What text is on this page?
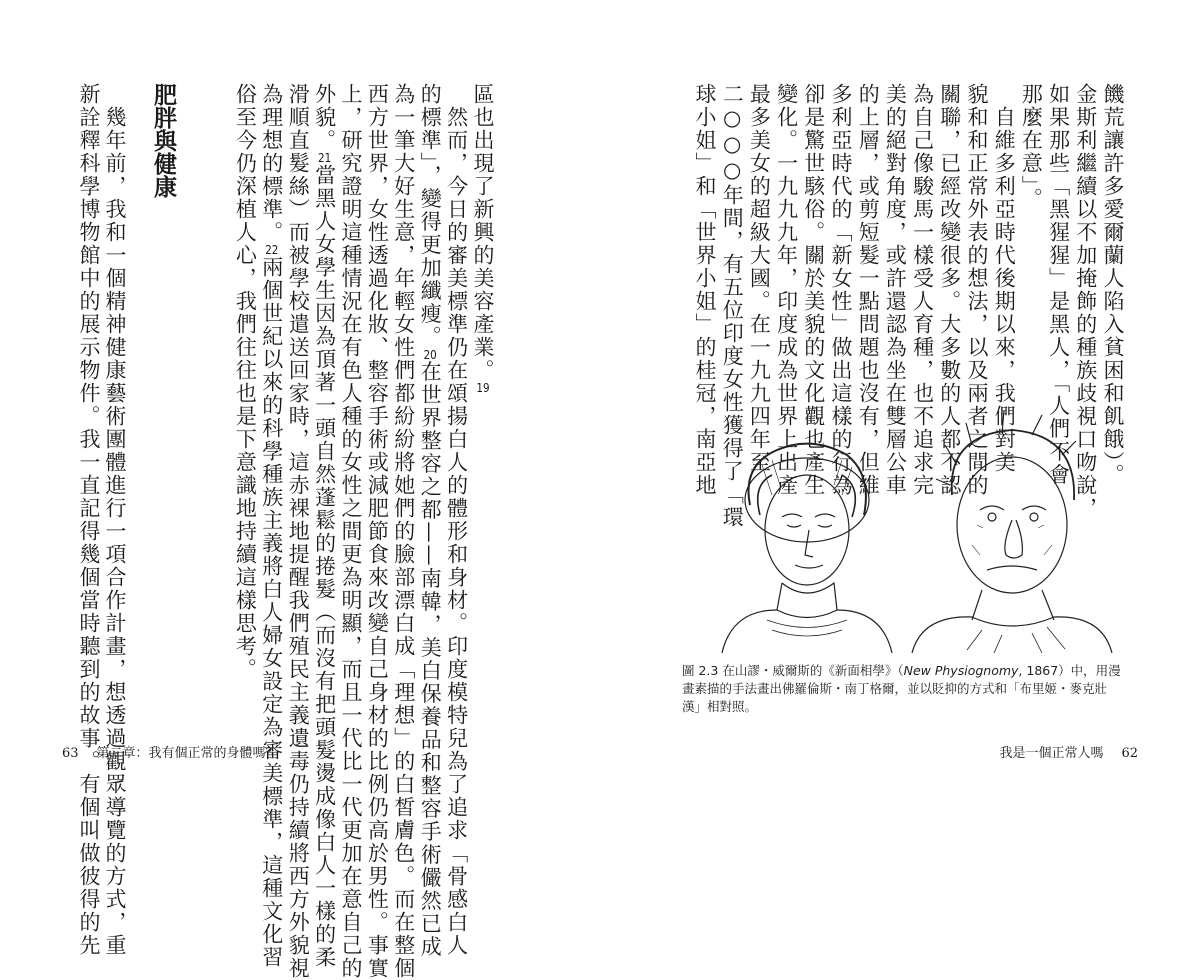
區也出現了新興的美容產業。19
　然而，今日的審美標準仍在頌揚白人的體形和身材。印度模特兒為了追求「骨感白人
的標準」，變得更加纖瘦。20在世界整容之都——南韓，美白保養品和整容手術儼然已成
為一筆大好生意，年輕女性們都紛紛將她們的臉部漂白成「理想」的白皙膚色。而在整個
西方世界，女性透過化妝、整容手術或減肥節食來改變自己身材的比例仍高於男性。事實
上，研究證明這種情況在有色人種的女性之間更為明顯，而且一代比一代更加在意自己的
外貌。21當黑人女學生因為頂著一頭自然蓬鬆的捲髮（而沒有把頭髮燙成像白人一樣的柔
滑順直髮絲）而被學校遣送回家時，這赤裸地提醒我們殖民主義遺毒仍持續將西方外貌視
為理想的標準。22兩個世紀以來的科學種族主義將白人婦女設定為審美標準，這種文化習
俗至今仍深植人心，我們往往也是下意識地持續這樣思考。
　幾年前，我和一個精神健康藝術團體進行一項合作計畫，想透過觀眾導覽的方式，重
新詮釋科學博物館中的展示物件。我一直記得幾個當時聽到的故事。有個叫做彼得的先	饑荒讓許多愛爾蘭人陷入貧困和飢餓）。
金斯利繼續以不加掩飾的種族歧視口吻說，
如果那些「黑猩猩」是黑人，「人們不會
那麼在意」。
　自維多利亞時代後期以來，我們對美
貌和和正常外表的想法，以及兩者之間的
關聯，已經改變很多。大多數的人都不認
為自己像駿馬一樣受人育種，也不追求完
美的絕對角度，或許還認為坐在雙層公車
的上層，或剪短髮一點問題也沒有，但維
多利亞時代的「新女性」做出這樣的行為
卻是驚世駭俗。關於美貌的文化觀也產生
變化。一九九九年，印度成為世界上出產
最多美女的超級大國。在一九九四年至
二○○○年間，有五位印度女性獲得了「環
球小姐」和「世界小姐」的桂冠，南亞地
肥胖與健康
圖 2.3 在山謬・威爾斯的《新面相學》（New Physiognomy, 1867）中，用漫畫素描的手法畫出佛羅倫斯・南丁格爾，並以貶抑的方式和「布里姬・麥克壯漢」相對照。
63 第二章：我有個正常的身體嗎？	我是一個正常人嗎 62
